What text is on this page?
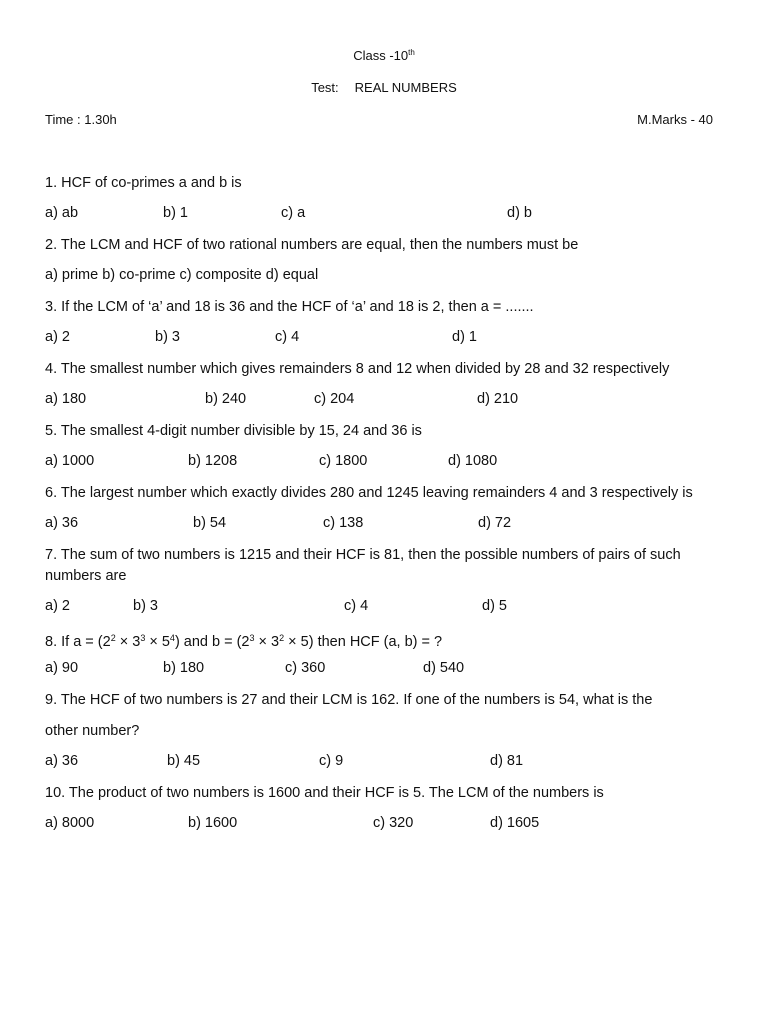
Class -10th
Test: REAL NUMBERS
Time : 1.30h	M.Marks - 40
1. HCF of co-primes a and b is
a) ab	b) 1	c) a	d) b
2. The LCM and HCF of two rational numbers are equal, then the numbers must be
a) prime b) co-prime c) composite d) equal
3. If the LCM of ‘a’ and 18 is 36 and the HCF of ‘a’ and 18 is 2, then a = .......
a) 2	b) 3	c) 4	d) 1
4. The smallest number which gives remainders 8 and 12 when divided by 28 and 32 respectively
a) 180	b) 240	c) 204	d) 210
5. The smallest 4-digit number divisible by 15, 24 and 36 is
a) 1000	b) 1208	c) 1800	d) 1080
6. The largest number which exactly divides 280 and 1245 leaving remainders 4 and 3 respectively is
a) 36	b) 54	c) 138	d) 72
7. The sum of two numbers is 1215 and their HCF is 81, then the possible numbers of pairs of such numbers are
a) 2	b) 3	c) 4	d) 5
8. If $a = (2^2 \times 3^3 \times 5^4)$ and $b = (2^3 \times 3^2 \times 5)$ then HCF (a, b) = ?
a) 90	b) 180	c) 360	d) 540
9. The HCF of two numbers is 27 and their LCM is 162. If one of the numbers is 54, what is the
other number?
a) 36	b) 45	c) 9	d) 81
10. The product of two numbers is 1600 and their HCF is 5. The LCM of the numbers is
a) 8000	b) 1600	c) 320	d) 1605
